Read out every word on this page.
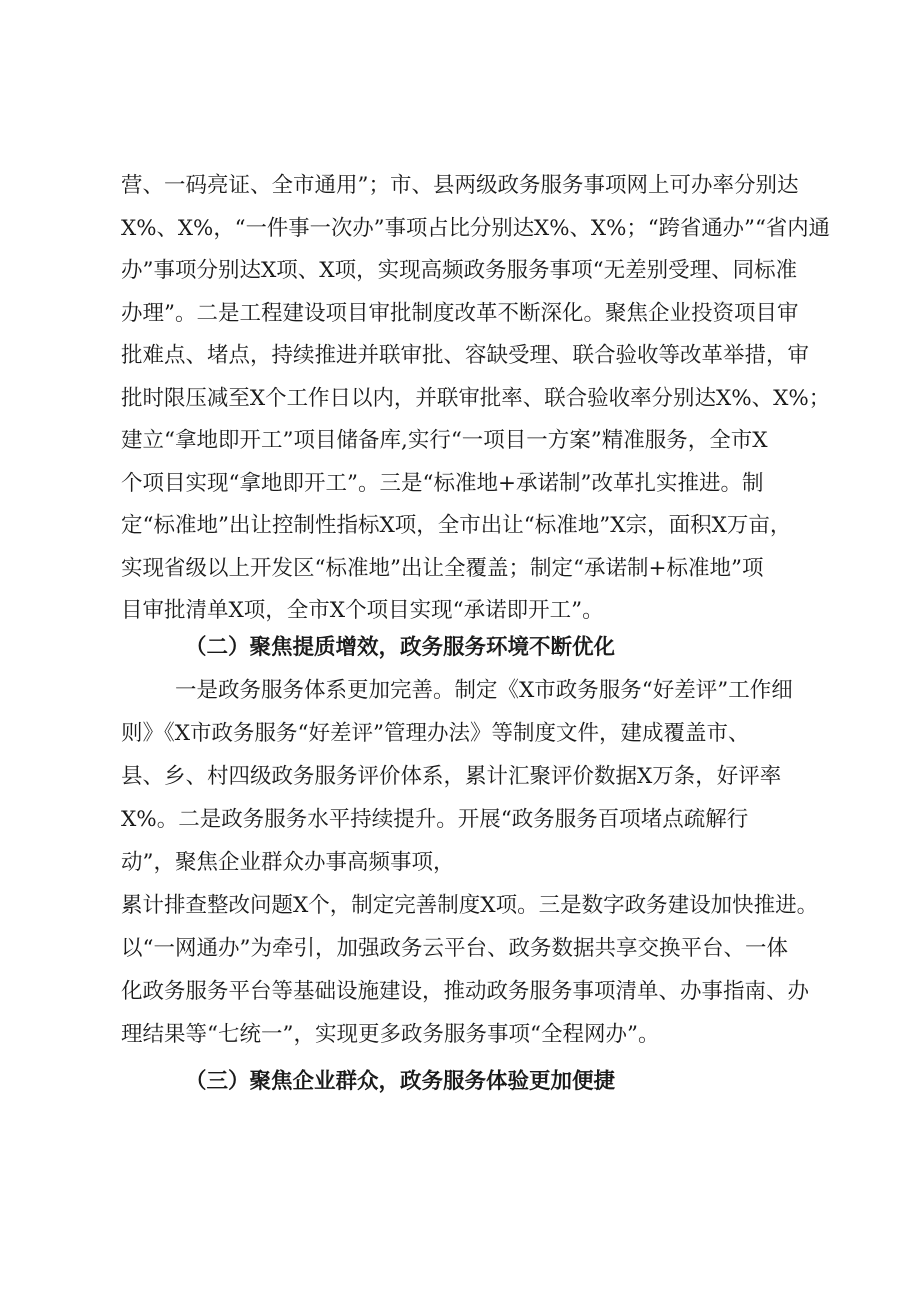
营、一码亮证、全市通用”；市、县两级政务服务事项网上可办率分别达
X%、X%，“一件事一次办”事项占比分别达X%、X%；“跨省通办”“省内通
办”事项分别达X项、X项，实现高频政务服务事项“无差别受理、同标准
办理”。二是工程建设项目审批制度改革不断深化。聚焦企业投资项目审
批难点、堵点，持续推进并联审批、容缺受理、联合验收等改革举措，审
批时限压减至X个工作日以内，并联审批率、联合验收率分别达X%、X%；
建立“拿地即开工”项目储备库,实行“一项目一方案”精准服务，全市X
个项目实现“拿地即开工”。三是“标准地+承诺制”改革扎实推进。制
定“标准地”出让控制性指标X项，全市出让“标准地”X宗，面积X万亩，
实现省级以上开发区“标准地”出让全覆盖；制定“承诺制+标准地”项
目审批清单X项，全市X个项目实现“承诺即开工”。
（二）聚焦提质增效，政务服务环境不断优化
一是政务服务体系更加完善。制定《X市政务服务“好差评”工作细
则》《X市政务服务“好差评”管理办法》等制度文件，建成覆盖市、
县、乡、村四级政务服务评价体系，累计汇聚评价数据X万条，好评率
X%。二是政务服务水平持续提升。开展“政务服务百项堵点疏解行
动”，聚焦企业群众办事高频事项，
累计排查整改问题X个，制定完善制度X项。三是数字政务建设加快推进。
以“一网通办”为牵引，加强政务云平台、政务数据共享交换平台、一体
化政务服务平台等基础设施建设，推动政务服务事项清单、办事指南、办
理结果等“七统一”，实现更多政务服务事项“全程网办”。
（三）聚焦企业群众，政务服务体验更加便捷
